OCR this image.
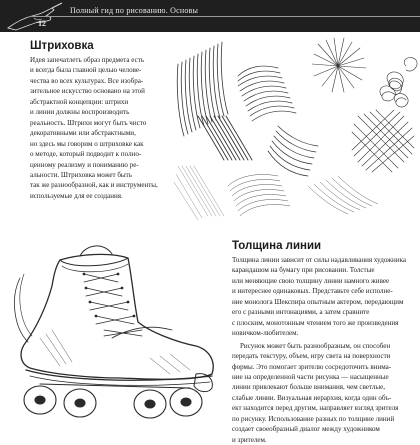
Полный гид по рисованию. Основы
12
Штриховка
Идея запечатлеть образ предмета есть
и всегда была главной целью челове-
чества во всех культурах. Все изобра-
зительное искусство основано на этой
абстрактной концепции: штрихи
и линии должны воспроизводить
реальность. Штрихи могут быть чисто
декоративными или абстрактными,
но здесь мы говорим о штриховке как
о методе, который подводит к полно-
ценному реализму и пониманию ре-
альности. Штриховка может быть
так же разнообразной, как и инструменты,
используемые для ее создания.
Толщина линии
Толщина линии зависит от силы надавливания художника
карандашом на бумагу при рисовании. Толстые
или меняющие свою толщину линии намного живее
и интереснее одинаковых. Представьте себе исполне-
ние монолога Шекспира опытным актером, передающим
его с разными интонациями, а затем сравните
с плоским, монотонным чтением того же произведения
новичком-любителем.

Рисунок может быть разнообразным, он способен
передать текстуру, объем, игру света на поверхности
формы. Это помогает зрителю сосредоточить внима-
ние на определенной части рисунка — насыщенные
линии привлекают больше внимания, чем светлые,
слабые линии. Визуальная иерархия, когда один объ-
ект находится перед другим, направляет взгляд зрителя
по рисунку. Использование разных по толщине линий
создает своеобразный диалог между художником
и зрителем.
